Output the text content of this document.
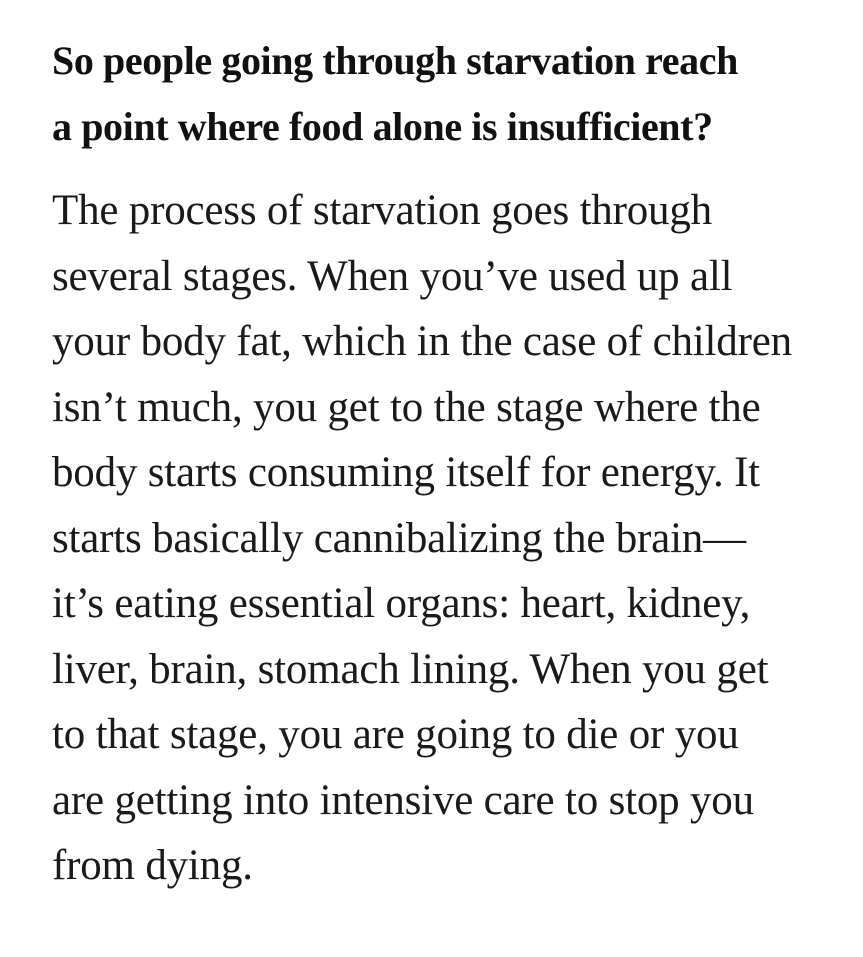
So people going through starvation reach
a point where food alone is insufficient?

The process of starvation goes through
several stages. When you’ve used up all
your body fat, which in the case of children
isn’t much, you get to the stage where the
body starts consuming itself for energy. It
starts basically cannibalizing the brain—
it’s eating essential organs: heart, kidney,
liver, brain, stomach lining. When you get
to that stage, you are going to die or you
are getting into intensive care to stop you
from dying.
